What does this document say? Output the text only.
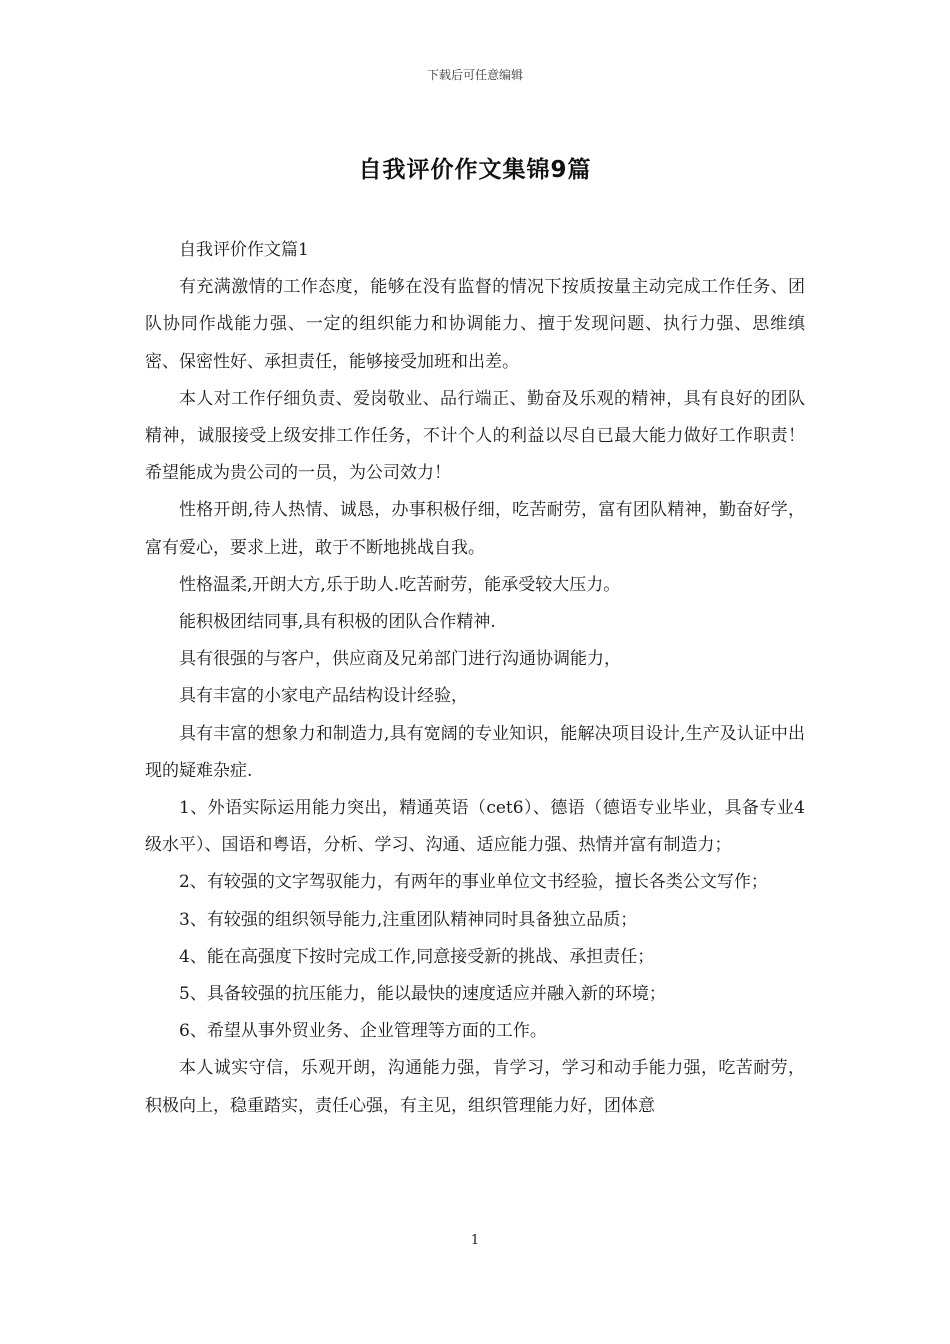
下载后可任意编辑
自我评价作文集锦9篇

自我评价作文篇1

有充满激情的工作态度，能够在没有监督的情况下按质按量主动完成工作任务、团队协同作战能力强、一定的组织能力和协调能力、擅于发现问题、执行力强、思维缜密、保密性好、承担责任，能够接受加班和出差。

本人对工作仔细负责、爱岗敬业、品行端正、勤奋及乐观的精神，具有良好的团队精神，诚服接受上级安排工作任务，不计个人的利益以尽自已最大能力做好工作职责！希望能成为贵公司的一员，为公司效力！

性格开朗,待人热情、诚恳，办事积极仔细，吃苦耐劳，富有团队精神，勤奋好学，富有爱心，要求上进，敢于不断地挑战自我。

性格温柔,开朗大方,乐于助人.吃苦耐劳，能承受较大压力。

能积极团结同事,具有积极的团队合作精神.

具有很强的与客户，供应商及兄弟部门进行沟通协调能力，

具有丰富的小家电产品结构设计经验，

具有丰富的想象力和制造力,具有宽阔的专业知识，能解决项目设计,生产及认证中出现的疑难杂症.

1、外语实际运用能力突出，精通英语（cet6）、德语（德语专业毕业，具备专业4级水平）、国语和粤语，分析、学习、沟通、适应能力强、热情并富有制造力；

2、有较强的文字驾驭能力，有两年的事业单位文书经验，擅长各类公文写作；

3、有较强的组织领导能力,注重团队精神同时具备独立品质；

4、能在高强度下按时完成工作,同意接受新的挑战、承担责任；

5、具备较强的抗压能力，能以最快的速度适应并融入新的环境；

6、希望从事外贸业务、企业管理等方面的工作。

本人诚实守信，乐观开朗，沟通能力强，肯学习，学习和动手能力强，吃苦耐劳，积极向上，稳重踏实，责任心强，有主见，组织管理能力好，团体意

1
